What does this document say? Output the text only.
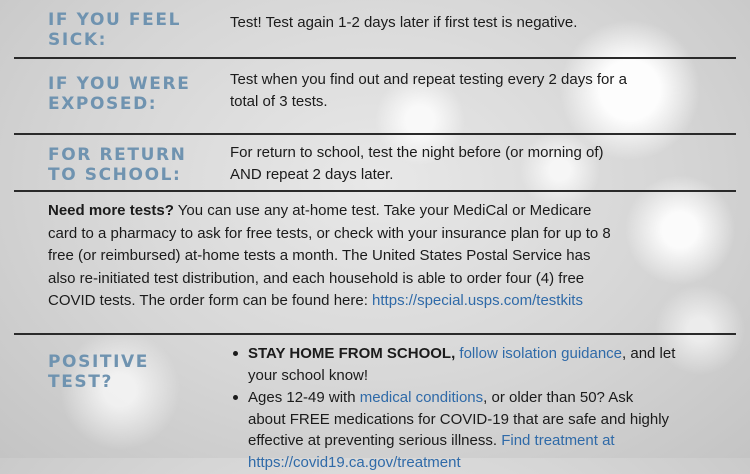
IF YOU FEEL
SICK:
Test! Test again 1-2 days later if first test is negative.
IF YOU WERE
EXPOSED:
Test when you find out and repeat testing every 2 days for a
total of 3 tests.
FOR RETURN
TO SCHOOL:
For return to school, test the night before (or morning of)
AND repeat 2 days later.
Need more tests? You can use any at-home test. Take your MediCal or Medicare
card to a pharmacy to ask for free tests, or check with your insurance plan for up to 8
free (or reimbursed) at-home tests a month. The United States Postal Service has
also re-initiated test distribution, and each household is able to order four (4) free
COVID tests. The order form can be found here: https://special.usps.com/testkits
POSITIVE
TEST?
STAY HOME FROM SCHOOL, follow isolation guidance, and let
your school know!
Ages 12-49 with medical conditions, or older than 50? Ask
about FREE medications for COVID-19 that are safe and highly
effective at preventing serious illness. Find treatment at
https://covid19.ca.gov/treatment
